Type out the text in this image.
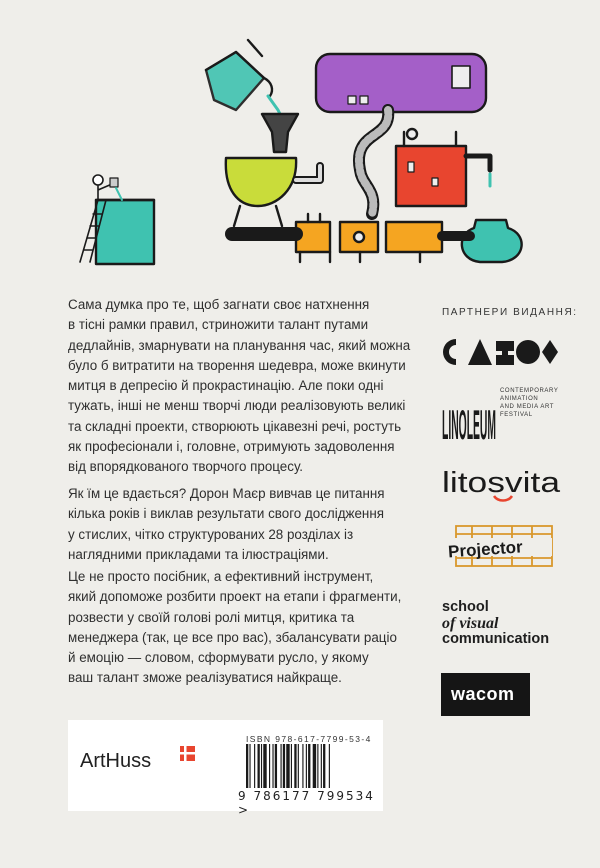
Сама думка про те, щоб загнати своє натхнення

в тісні рамки правил, стриножити талант путами

дедлайнів, змарнувати на планування час, який можна

було б витратити на творення шедевра, може вкинути

митця в депресію й прокрастинацію. Але поки одні

тужать, інші не менш творчі люди реалізовують великі

та складні проекти, створюють цікавезні речі, ростуть

як професіонали і, головне, отримують задоволення

від впорядкованого творчого процесу.

Як їм це вдається? Дорон Маєр вивчав це питання

кілька років і виклав результати свого дослідження

у стислих, чітко структурованих 28 розділах із

наглядними прикладами та ілюстраціями.

Це не просто посібник, а ефективний інструмент,

який допоможе розбити проект на етапи і фрагменти,

розвести у своїй голові ролі митця, критика та

менеджера (так, це все про вас), збалансувати раціо

й емоцію — словом, сформувати русло, у якому

ваш талант зможе реалізуватися найкраще.

ПАРТНЕРИ ВИДАННЯ:
LINOLEUM
CONTEMPORARY
ANIMATION
AND MEDIA ART
FESTIVAL
litosvita
Projector
school
of visual
communication
wacom
ArtHuss
ISBN 978-617-7799-53-4
9 786177 799534 >
